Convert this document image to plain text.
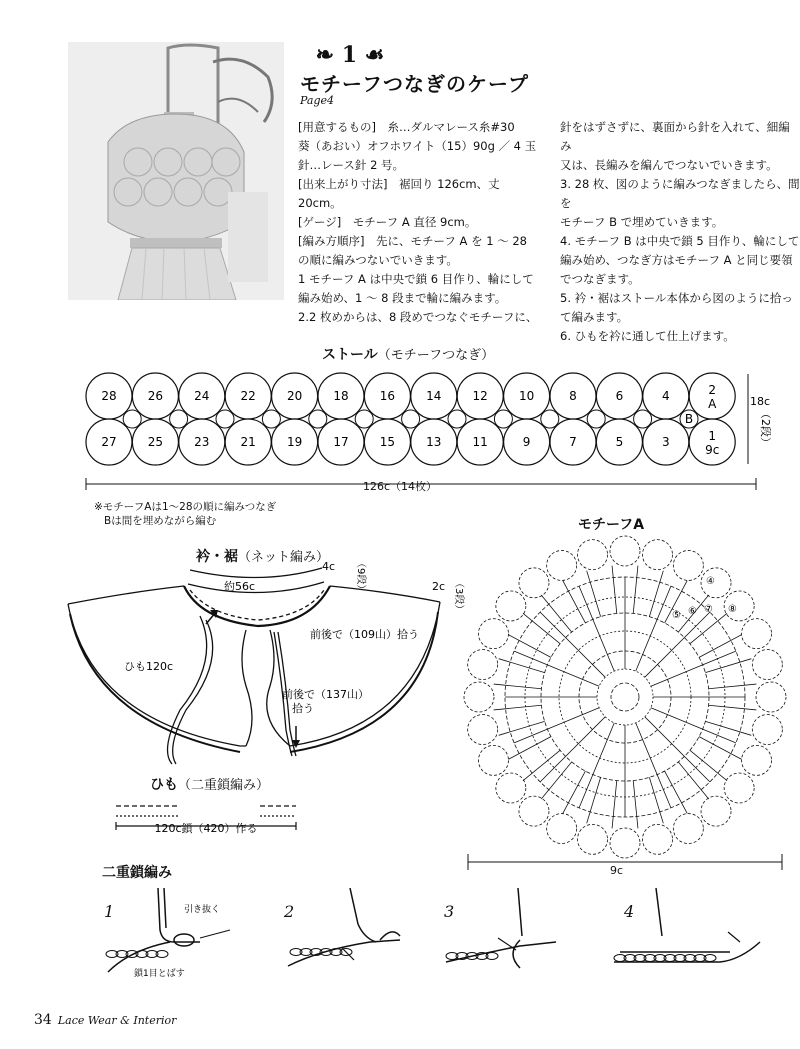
❧ 1 ☙
モチーフつなぎのケープ
Page4

[用意するもの]　糸…ダルマレース糸#30

葵（あおい）オフホワイト（15）90g ／ 4 玉

針…レース針 2 号。

[出来上がり寸法]　裾回り 126cm、丈 20cm。

[ゲージ]　モチーフ A 直径 9cm。

[編み方順序]　先に、モチーフ A を 1 〜 28

の順に編みつないでいきます。

1 モチーフ A は中央で鎖 6 目作り、輪にして

編み始め、1 〜 8 段まで輪に編みます。

2.2 枚めからは、8 段めでつなぐモチーフに、

針をはずさずに、裏面から針を入れて、細編み

又は、長編みを編んでつないでいきます。

3. 28 枚、図のように編みつなぎましたら、間を

モチーフ B で埋めていきます。

4. モチーフ B は中央で鎖 5 目作り、輪にして

編み始め、つなぎ方はモチーフ A と同じ要領

でつなぎます。

5. 衿・裾はストール本体から図のように拾っ

て編みます。

6. ひもを衿に通して仕上げます。

ストール（モチーフつなぎ）
28
27
26
25
24
23
22
21
20
19
18
17
16
15
14
13
12
11
10
9
8
7
6
5
4
3
2
A
1
9c
B
126c（14枚）
18c
（2段）
※モチーフAは1〜28の順に編みつなぎ
Bは間を埋めながら編む
衿・裾（ネット編み）
約56c
4c （9段）	2c （3段）
前後で（109山）拾う
前後で（137山）
拾う
ひも120c
ひも（二重鎖編み）
120c鎖（420）作る
モチーフA
④
⑤ ⑥ ⑦ ⑧
9c
二重鎖編み
1	2	3	4
引き抜く
鎖1目とばす
34 Lace Wear & Interior
